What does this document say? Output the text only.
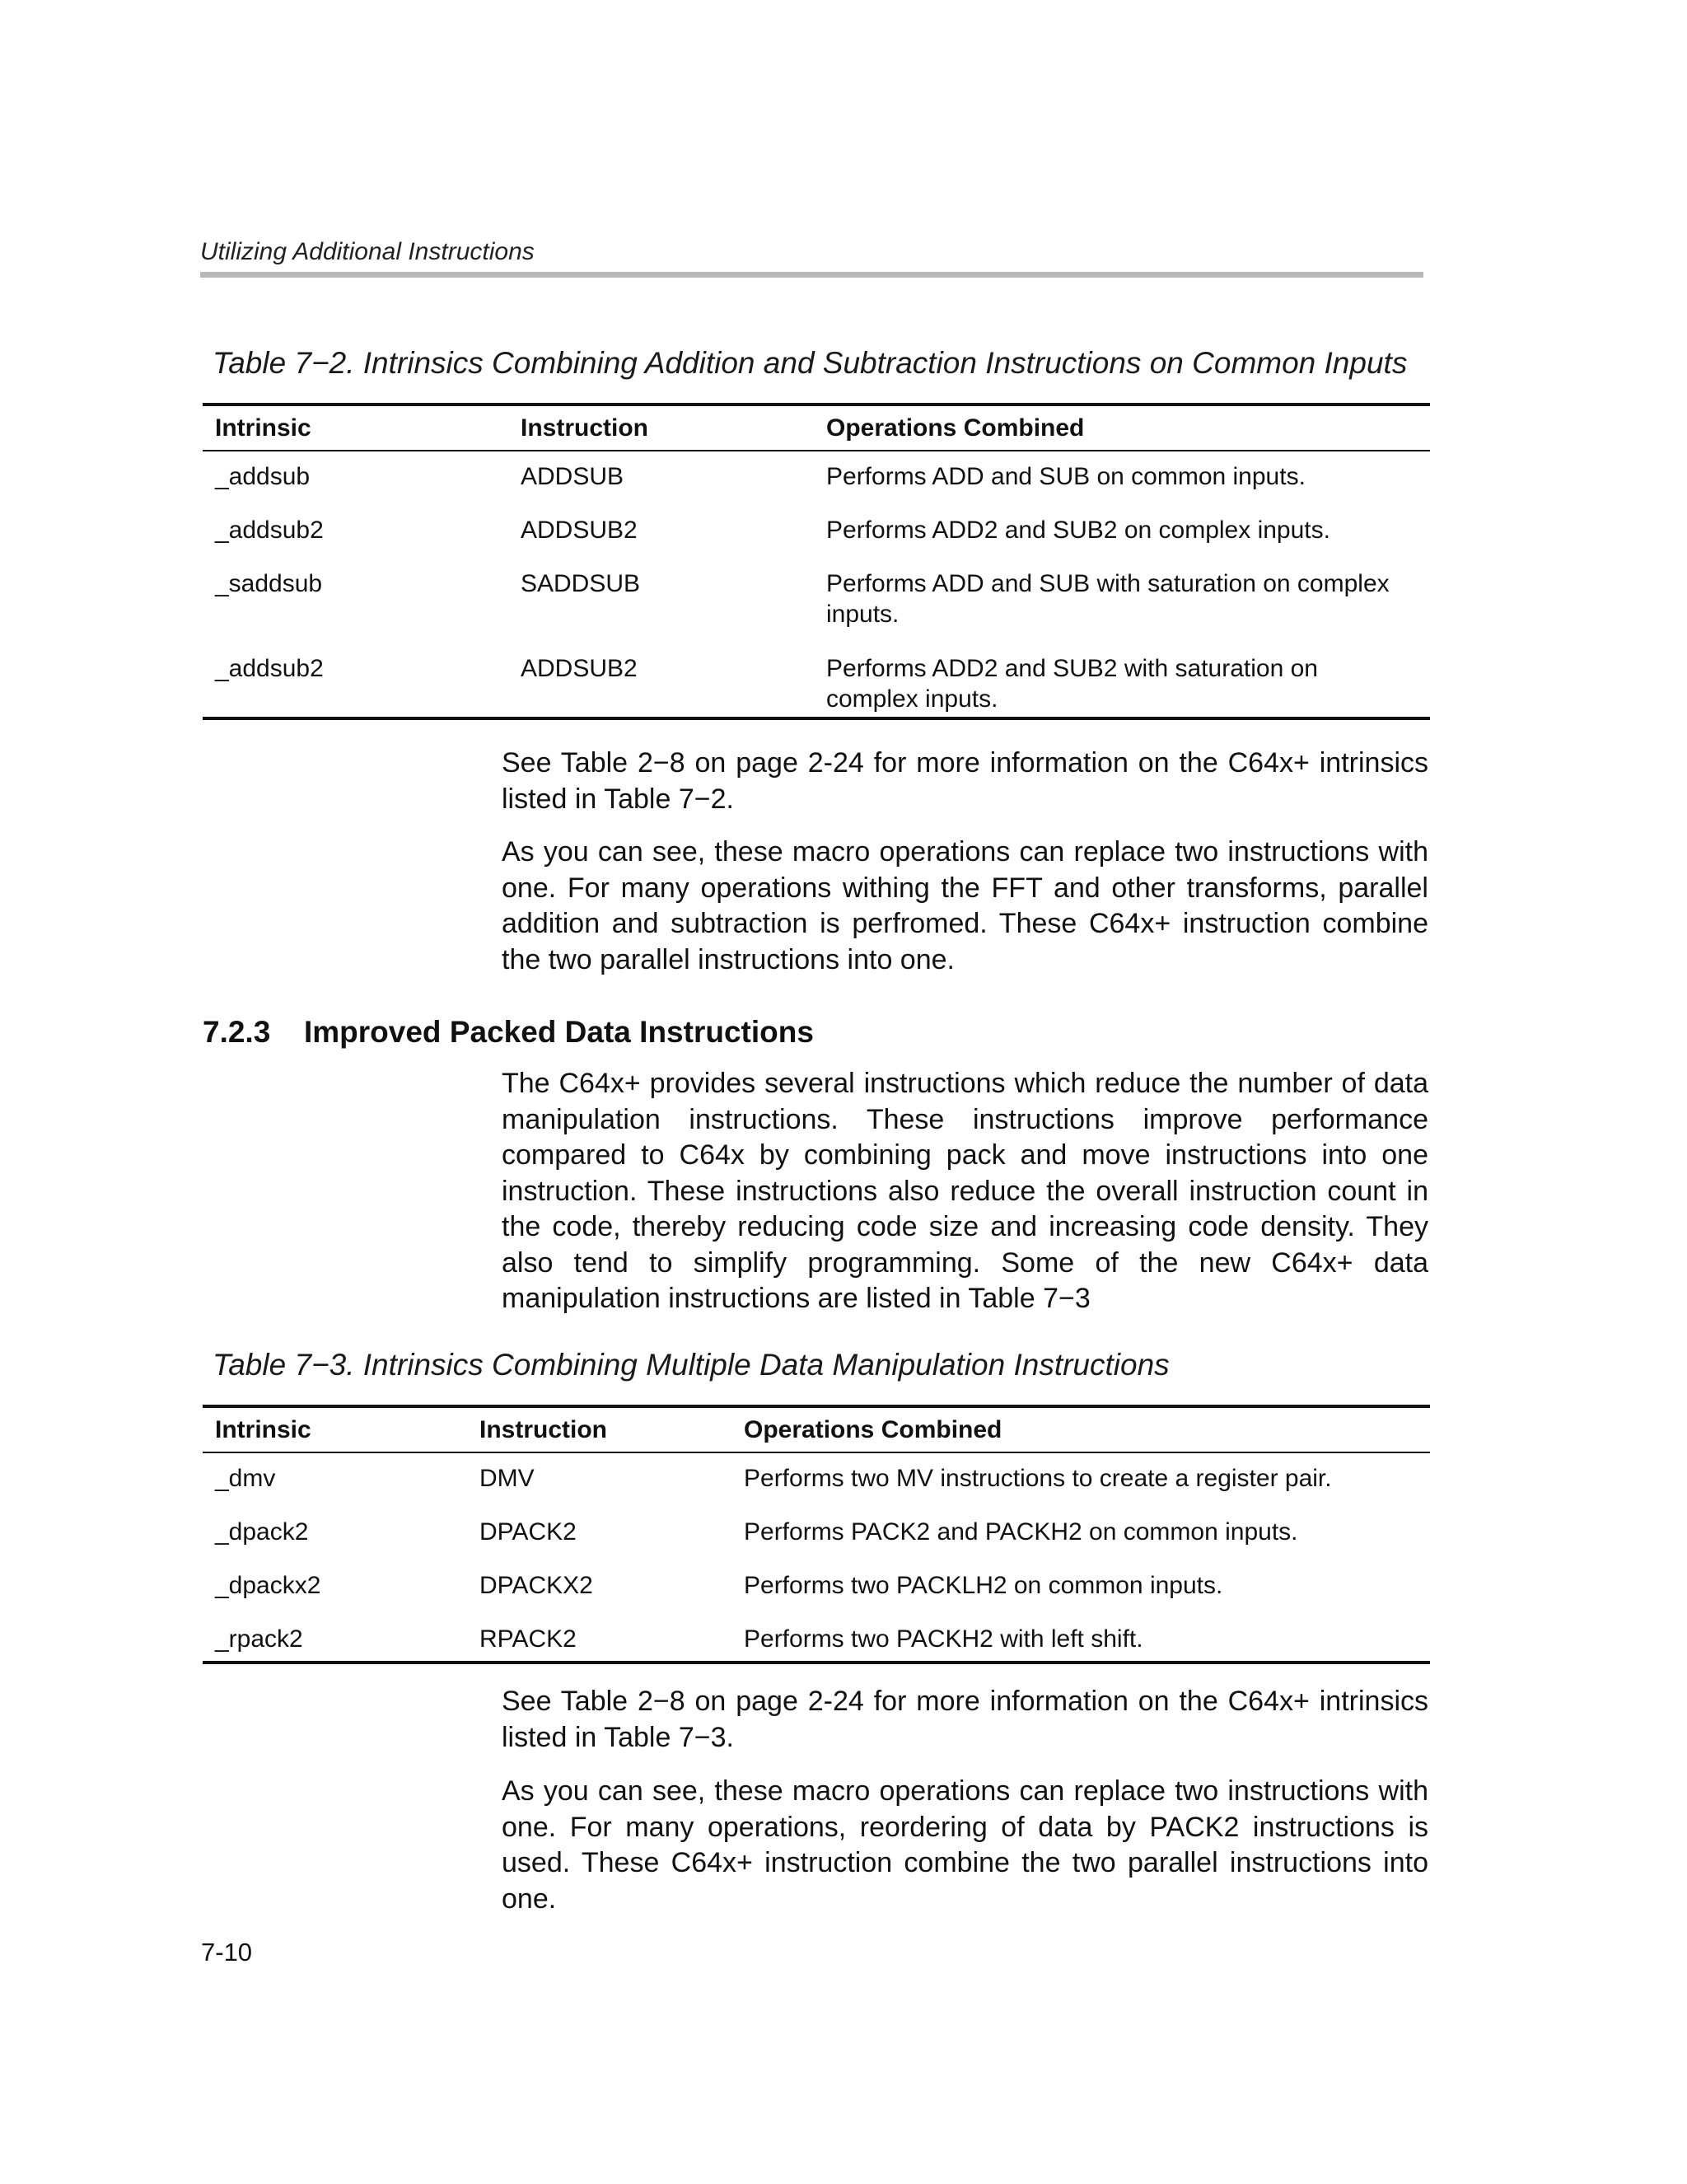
Utilizing Additional Instructions
Table 7−2. Intrinsics Combining Addition and Subtraction Instructions on Common Inputs
Intrinsic	Instruction	Operations Combined
_addsub	ADDSUB	Performs ADD and SUB on common inputs.
_addsub2	ADDSUB2	Performs ADD2 and SUB2 on complex inputs.
_saddsub	SADDSUB	Performs ADD and SUB with saturation on complex inputs.
_addsub2	ADDSUB2	Performs ADD2 and SUB2 with saturation on complex inputs.
See Table 2−8 on page 2-24 for more information on the C64x+ intrinsics listed in Table 7−2.
As you can see, these macro operations can replace two instructions with one. For many operations withing the FFT and other transforms, parallel addition and subtraction is perfromed. These C64x+ instruction combine the two parallel instructions into one.
7.2.3 Improved Packed Data Instructions
The C64x+ provides several instructions which reduce the number of data manipulation instructions. These instructions improve performance compared to C64x by combining pack and move instructions into one instruction. These instructions also reduce the overall instruction count in the code, thereby reducing code size and increasing code density. They also tend to simplify programming. Some of the new C64x+ data manipulation instructions are listed in Table 7−3
Table 7−3. Intrinsics Combining Multiple Data Manipulation Instructions
Intrinsic	Instruction	Operations Combined
_dmv	DMV	Performs two MV instructions to create a register pair.
_dpack2	DPACK2	Performs PACK2 and PACKH2 on common inputs.
_dpackx2	DPACKX2	Performs two PACKLH2 on common inputs.
_rpack2	RPACK2	Performs two PACKH2 with left shift.
See Table 2−8 on page 2-24 for more information on the C64x+ intrinsics listed in Table 7−3.
As you can see, these macro operations can replace two instructions with one. For many operations, reordering of data by PACK2 instructions is used. These C64x+ instruction combine the two parallel instructions into one.
7-10
